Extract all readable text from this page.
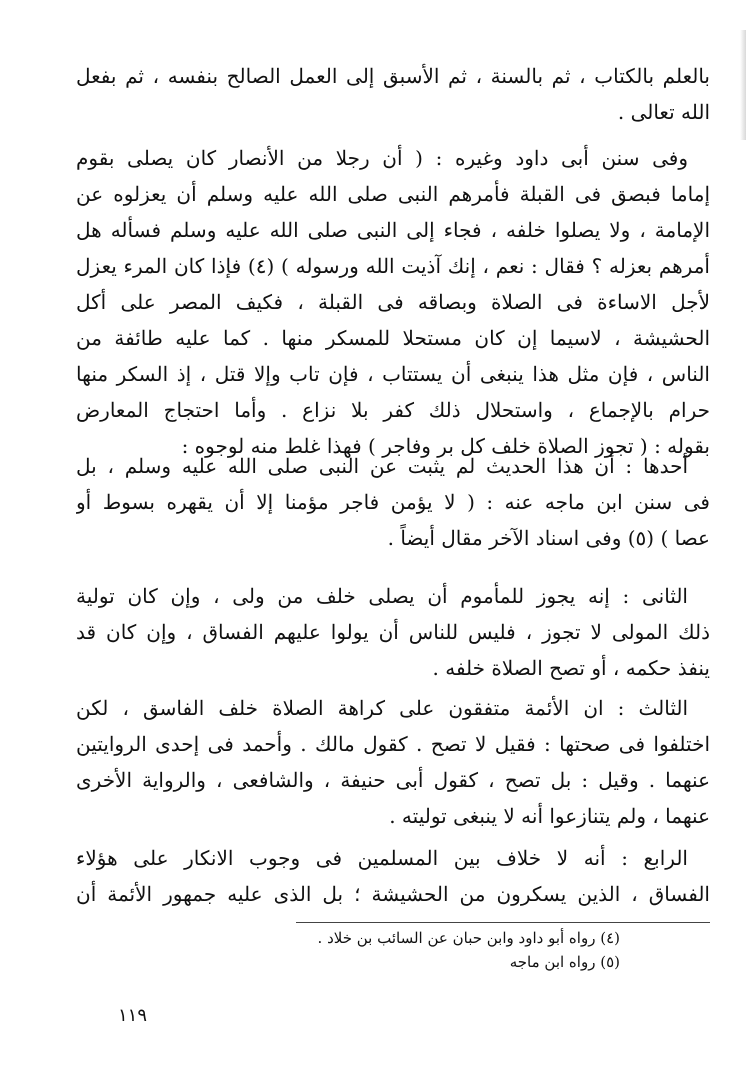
بالعلم بالكتاب ، ثم بالسنة ، ثم الأسبق إلى العمل الصالح بنفسه ، ثم بفعل
الله تعالى .
وفى سنن أبى داود وغيره : ( أن رجلا من الأنصار كان يصلى بقوم
إماما فبصق فى القبلة فأمرهم النبى صلى الله عليه وسلم أن يعزلوه عن
الإمامة ، ولا يصلوا خلفه ، فجاء إلى النبى صلى الله عليه وسلم فسأله هل
أمرهم بعزله ؟ فقال : نعم ، إنك آذيت الله ورسوله ) (٤) فإذا كان المرء يعزل
لأجل الاساءة فى الصلاة وبصاقه فى القبلة ، فكيف المصر على أكل
الحشيشة ، لاسيما إن كان مستحلا للمسكر منها . كما عليه طائفة من
الناس ، فإن مثل هذا ينبغى أن يستتاب ، فإن تاب وإلا قتل ، إذ السكر منها
حرام بالإجماع ، واستحلال ذلك كفر بلا نزاع . وأما احتجاج المعارض
بقوله : ( تجوز الصلاة خلف كل بر وفاجر ) فهذا غلط منه لوجوه :
أحدها : أن هذا الحديث لم يثبت عن النبى صلى الله عليه وسلم ، بل
فى سنن ابن ماجه عنه : ( لا يؤمن فاجر مؤمنا إلا أن يقهره بسوط أو
عصا ) (٥) وفى اسناد الآخر مقال أيضاً .
الثانى : إنه يجوز للمأموم أن يصلى خلف من ولى ، وإن كان تولية
ذلك المولى لا تجوز ، فليس للناس أن يولوا عليهم الفساق ، وإن كان قد
ينفذ حكمه ، أو تصح الصلاة خلفه .
الثالث : ان الأئمة متفقون على كراهة الصلاة خلف الفاسق ، لكن
اختلفوا فى صحتها : فقيل لا تصح . كقول مالك . وأحمد فى إحدى الروايتين
عنهما . وقيل : بل تصح ، كقول أبى حنيفة ، والشافعى ، والرواية الأخرى
عنهما ، ولم يتنازعوا أنه لا ينبغى توليته .
الرابع : أنه لا خلاف بين المسلمين فى وجوب الانكار على هؤلاء
الفساق ، الذين يسكرون من الحشيشة ؛ بل الذى عليه جمهور الأئمة أن
(٤) رواه أبو داود وابن حبان عن السائب بن خلاد .
(٥) رواه ابن ماجه
١١٩
